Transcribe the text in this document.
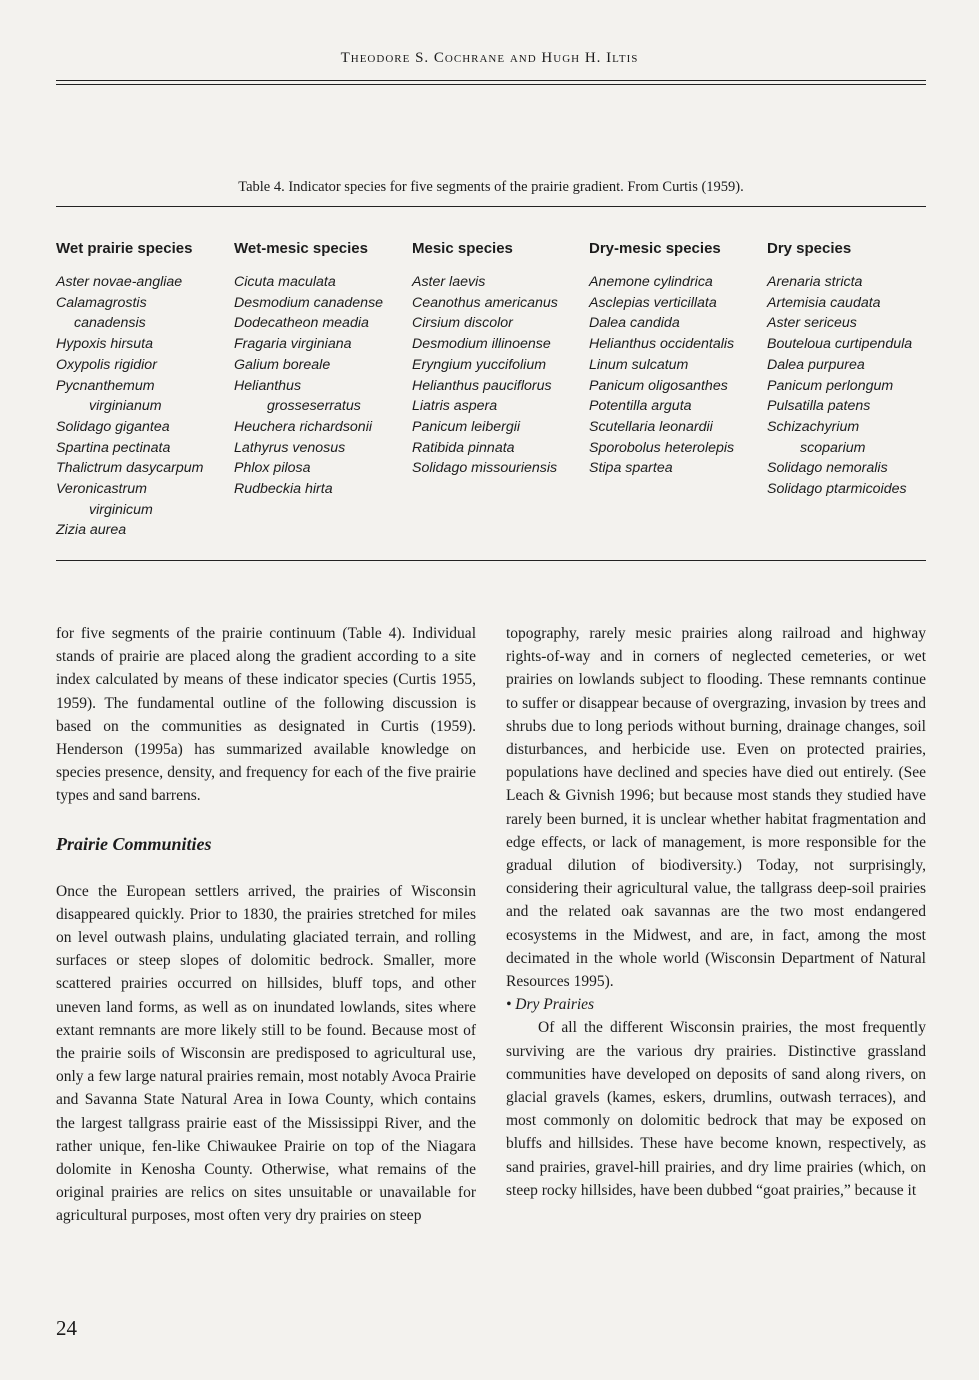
Theodore S. Cochrane and Hugh H. Iltis
Table 4. Indicator species for five segments of the prairie gradient. From Curtis (1959).
Wet prairie species
Aster novae-angliae
Calamagrostis
canadensis
Hypoxis hirsuta
Oxypolis rigidior
Pycnanthemum
virginianum
Solidago gigantea
Spartina pectinata
Thalictrum dasycarpum
Veronicastrum
virginicum
Zizia aurea
Wet-mesic species
Cicuta maculata
Desmodium canadense
Dodecatheon meadia
Fragaria virginiana
Galium boreale
Helianthus
grosseserratus
Heuchera richardsonii
Lathyrus venosus
Phlox pilosa
Rudbeckia hirta
Mesic species
Aster laevis
Ceanothus americanus
Cirsium discolor
Desmodium illinoense
Eryngium yuccifolium
Helianthus pauciflorus
Liatris aspera
Panicum leibergii
Ratibida pinnata
Solidago missouriensis
Dry-mesic species
Anemone cylindrica
Asclepias verticillata
Dalea candida
Helianthus occidentalis
Linum sulcatum
Panicum oligosanthes
Potentilla arguta
Scutellaria leonardii
Sporobolus heterolepis
Stipa spartea
Dry species
Arenaria stricta
Artemisia caudata
Aster sericeus
Bouteloua curtipendula
Dalea purpurea
Panicum perlongum
Pulsatilla patens
Schizachyrium
scoparium
Solidago nemoralis
Solidago ptarmicoides

for five segments of the prairie continuum (Table 4). Individual stands of prairie are placed along the gradient according to a site index calculated by means of these indicator species (Curtis 1955, 1959). The fundamental outline of the following discussion is based on the communities as designated in Curtis (1959). Henderson (1995a) has summarized available knowledge on species presence, density, and frequency for each of the five prairie types and sand barrens.

Prairie Communities

Once the European settlers arrived, the prairies of Wisconsin disappeared quickly. Prior to 1830, the prairies stretched for miles on level outwash plains, undulating glaciated terrain, and rolling surfaces or steep slopes of dolomitic bedrock. Smaller, more scattered prairies occurred on hillsides, bluff tops, and other uneven land forms, as well as on inundated lowlands, sites where extant remnants are more likely still to be found. Because most of the prairie soils of Wisconsin are predisposed to agricultural use, only a few large natural prairies remain, most notably Avoca Prairie and Savanna State Natural Area in Iowa County, which contains the largest tallgrass prairie east of the Mississippi River, and the rather unique, fen-like Chiwaukee Prairie on top of the Niagara dolomite in Kenosha County. Otherwise, what remains of the original prairies are relics on sites unsuitable or unavailable for agricultural purposes, most often very dry prairies on steep

topography, rarely mesic prairies along railroad and highway rights-of-way and in corners of neglected cemeteries, or wet prairies on lowlands subject to flooding. These remnants continue to suffer or disappear because of overgrazing, invasion by trees and shrubs due to long periods without burning, drainage changes, soil disturbances, and herbicide use. Even on protected prairies, populations have declined and species have died out entirely. (See Leach & Givnish 1996; but because most stands they studied have rarely been burned, it is unclear whether habitat fragmentation and edge effects, or lack of management, is more responsible for the gradual dilution of biodiversity.) Today, not surprisingly, considering their agricultural value, the tallgrass deep-soil prairies and the related oak savannas are the two most endangered ecosystems in the Midwest, and are, in fact, among the most decimated in the whole world (Wisconsin Department of Natural Resources 1995).

• Dry Prairies

Of all the different Wisconsin prairies, the most frequently surviving are the various dry prairies. Distinctive grassland communities have developed on deposits of sand along rivers, on glacial gravels (kames, eskers, drumlins, outwash terraces), and most commonly on dolomitic bedrock that may be exposed on bluffs and hillsides. These have become known, respectively, as sand prairies, gravel-hill prairies, and dry lime prairies (which, on steep rocky hillsides, have been dubbed “goat prairies,” because it

24
